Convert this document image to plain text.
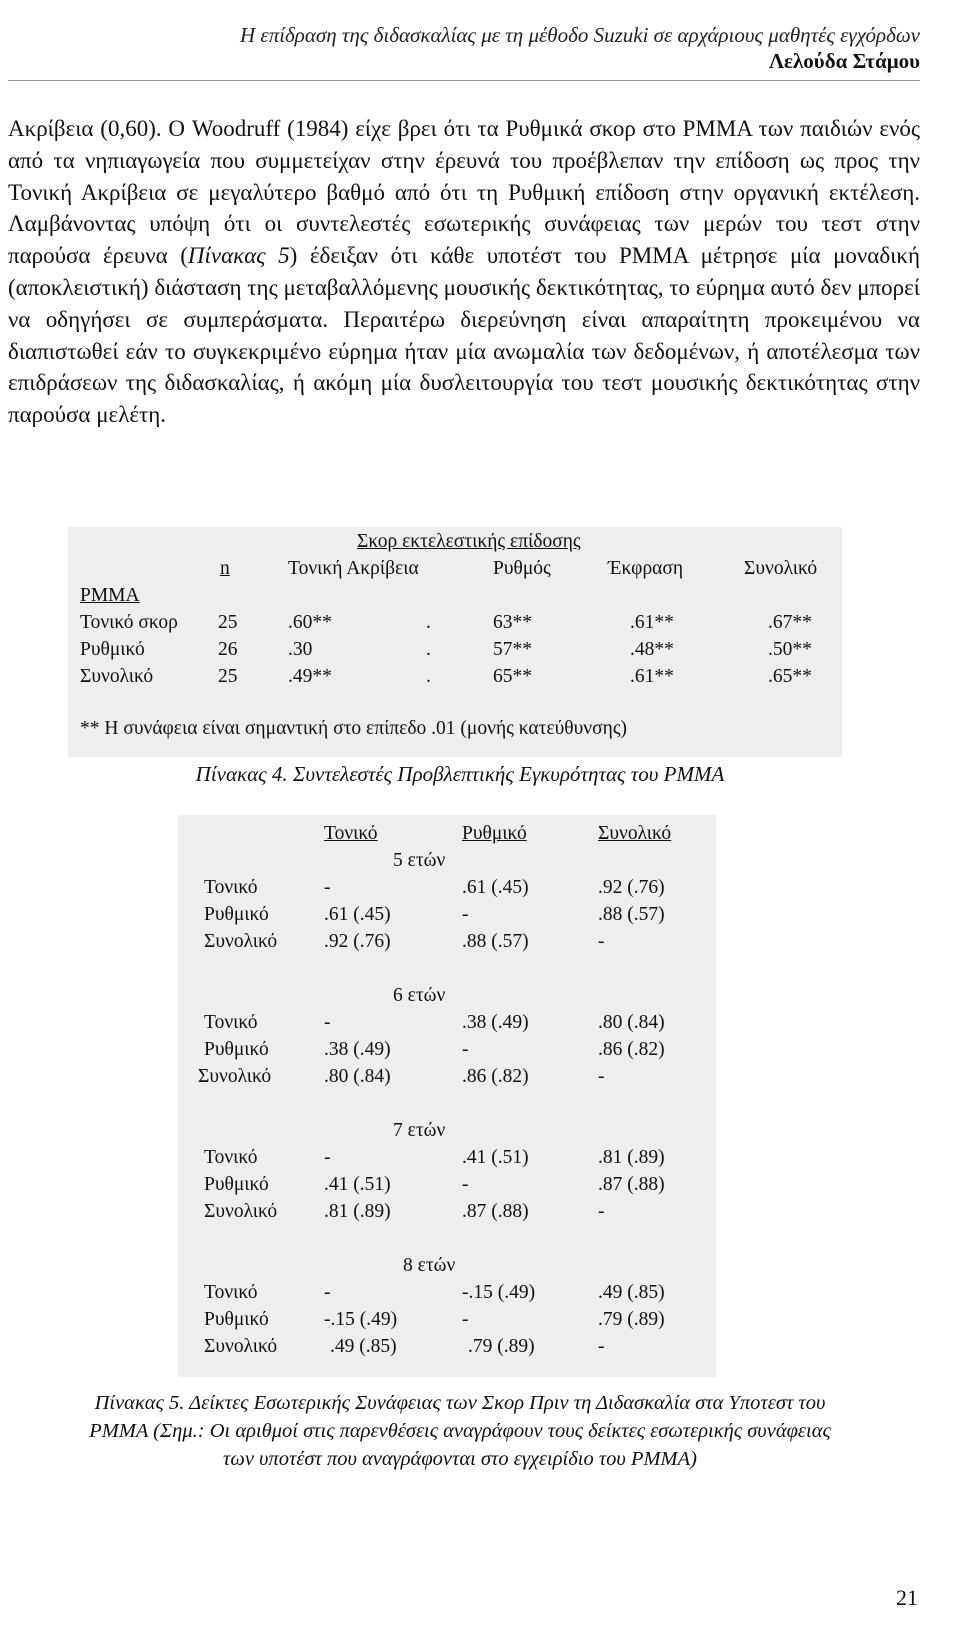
Η επίδραση της διδασκαλίας με τη μέθοδο Suzuki σε αρχάριους μαθητές εγχόρδων
Λελούδα Στάμου

Ακρίβεια (0,60). Ο Woodruff (1984) είχε βρει ότι τα Ρυθμικά σκορ στο PMMA των παιδιών ενός από τα νηπιαγωγεία που συμμετείχαν στην έρευνά του προέβλεπαν την επίδοση ως προς την Τονική Ακρίβεια σε μεγαλύτερο βαθμό από ότι τη Ρυθμική επίδοση στην οργανική εκτέλεση. Λαμβάνοντας υπόψη ότι οι συντελεστές εσωτερικής συνάφειας των μερών του τεστ στην παρούσα έρευνα (Πίνακας 5) έδειξαν ότι κάθε υποτέστ του PMMA μέτρησε μία μοναδική (αποκλειστική) διάσταση της μεταβαλλόμενης μουσικής δεκτικότητας, το εύρημα αυτό δεν μπορεί να οδηγήσει σε συμπεράσματα. Περαιτέρω διερεύνηση είναι απαραίτητη προκειμένου να διαπιστωθεί εάν το συγκεκριμένο εύρημα ήταν μία ανωμαλία των δεδομένων, ή αποτέλεσμα των επιδράσεων της διδασκαλίας, ή ακόμη μία δυσλειτουργία του τεστ μουσικής δεκτικότητας στην παρούσα μελέτη.

Σκορ εκτελεστικής επίδοσης
n	Τονική Ακρίβεια	Ρυθμός	Έκφραση	Συνολικό
PMMA
Τονικό σκορ 25	.60**	.	63**	.61**	.67**
Ρυθμικό	26	.30	.	57**	.48**	.50**
Συνολικό	25	.49**	.	65**	.61**	.65**
** Η συνάφεια είναι σημαντική στο επίπεδο .01 (μονής κατεύθυνσης)
Πίνακας 4. Συντελεστές Προβλεπτικής Εγκυρότητας του PMMA
Τονικό	Ρυθμικό	Συνολικό
5 ετών
Τονικό	-	.61 (.45)	.92 (.76)
Ρυθμικό	.61 (.45)	-	.88 (.57)
Συνολικό .92 (.76)	.88 (.57)	-
6 ετών
Τονικό	-	.38 (.49)	.80 (.84)
Ρυθμικό	.38 (.49)	-	.86 (.82)
Συνολικό	.80 (.84)	.86 (.82)	-
7 ετών
Τονικό	-	.41 (.51)	.81 (.89)
Ρυθμικό	.41 (.51)	-	.87 (.88)
Συνολικό .81 (.89)	.87 (.88)	-
8 ετών
Τονικό	-	-.15 (.49)	.49 (.85)
Ρυθμικό	-.15 (.49)	-	.79 (.89)
Συνολικό	.49 (.85)	.79 (.89)	-
Πίνακας 5. Δείκτες Εσωτερικής Συνάφειας των Σκορ Πριν τη Διδασκαλία στα Υποτεστ του
PMMA (Σημ.: Οι αριθμοί στις παρενθέσεις αναγράφουν τους δείκτες εσωτερικής συνάφειας
των υποτέστ που αναγράφονται στο εγχειρίδιο του PMMA)
21
